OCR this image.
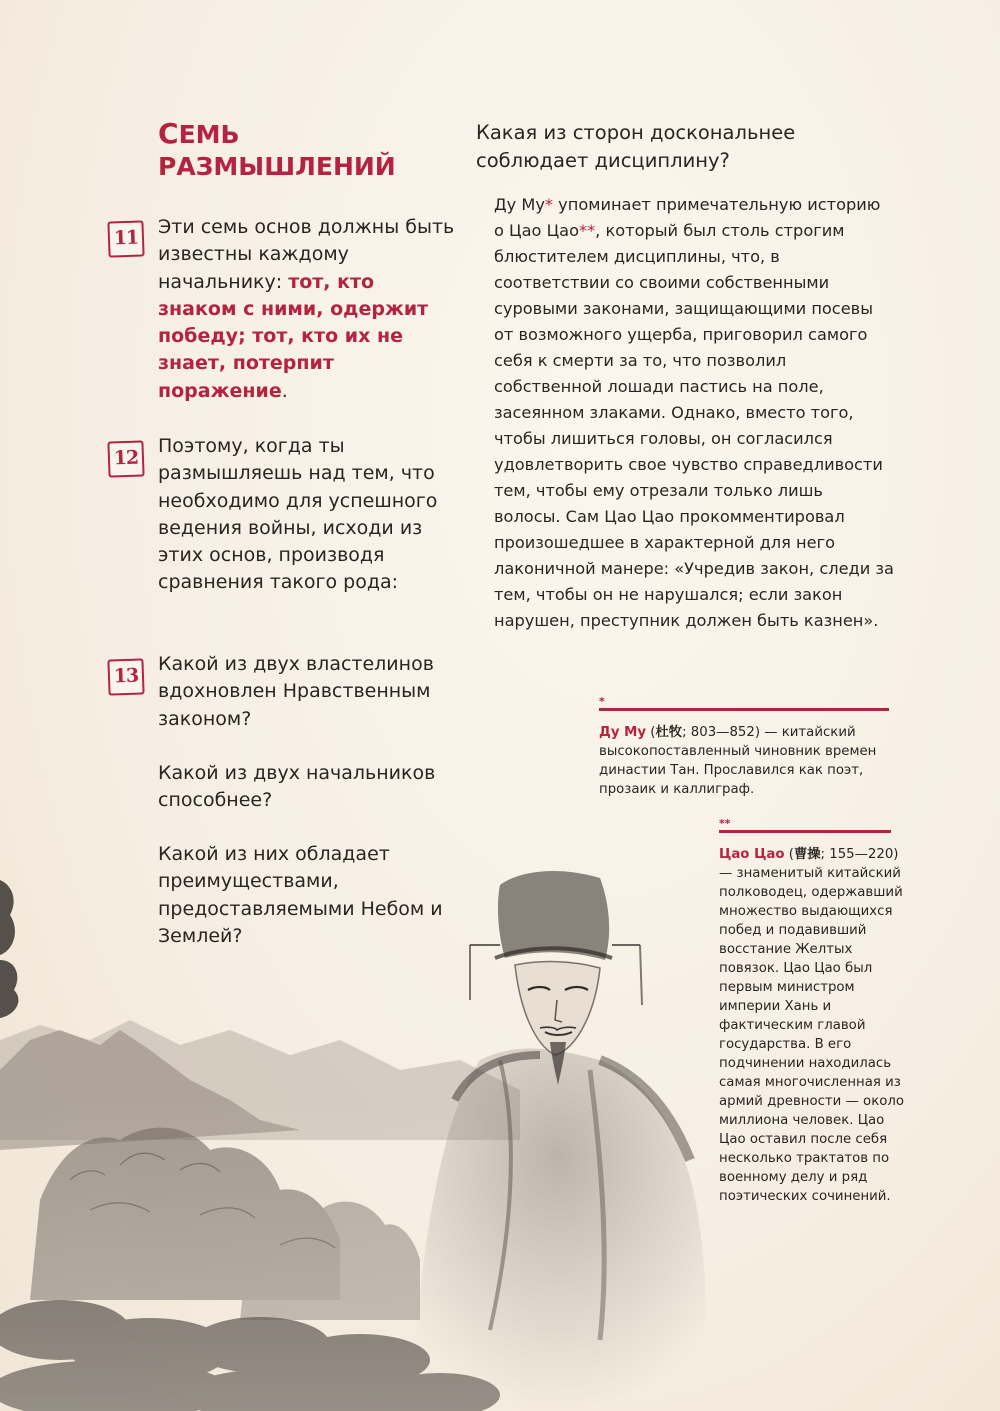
СЕМЬ
РАЗМЫШЛЕНИЙ
11	Эти семь основ должны быть известны каждому начальнику: тот, кто знаком с ними, одержит победу; тот, кто их не знает, потерпит поражение.

12

Поэтому, когда ты размышляешь над тем, что необходимо для успешного ведения войны, исходи из этих основ, производя сравнения такого рода:

13

Какой из двух властелинов вдохновлен Нравственным законом?

Какой из двух начальников способнее?

Какой из них обладает преимуществами, предоставляемыми Небом и Землей?

Какая из сторон доскональнее соблюдает дисциплину?

Ду Му* упоминает примечательную историю о Цао Цао**, который был столь строгим блюстителем дисциплины, что, в соответствии со своими собственными суровыми законами, защищающими посевы от возможного ущерба, приговорил самого себя к смерти за то, что позволил собственной лошади пастись на поле, засеянном злаками. Однако, вместо того, чтобы лишиться головы, он согласился удовлетворить свое чувство справедливости тем, чтобы ему отрезали только лишь волосы. Сам Цао Цао прокомментировал произошедшее в характерной для него лаконичной манере: «Учредив закон, следи за тем, чтобы он не нарушался; если закон нарушен, преступник должен быть казнен».

*

Ду Му (杜牧; 803—852) — китайский высокопоставленный чиновник времен династии Тан. Прославился как поэт, прозаик и каллиграф.

**

Цао Цао (曹操; 155—220) — знаменитый китайский полководец, одержавший множество выдающихся побед и подавивший восстание Желтых повязок. Цао Цао был первым министром империи Хань и фактическим главой государства. В его подчинении находилась самая многочисленная из армий древности — около миллиона человек. Цао Цао оставил после себя несколько трактатов по военному делу и ряд поэтических сочинений.
